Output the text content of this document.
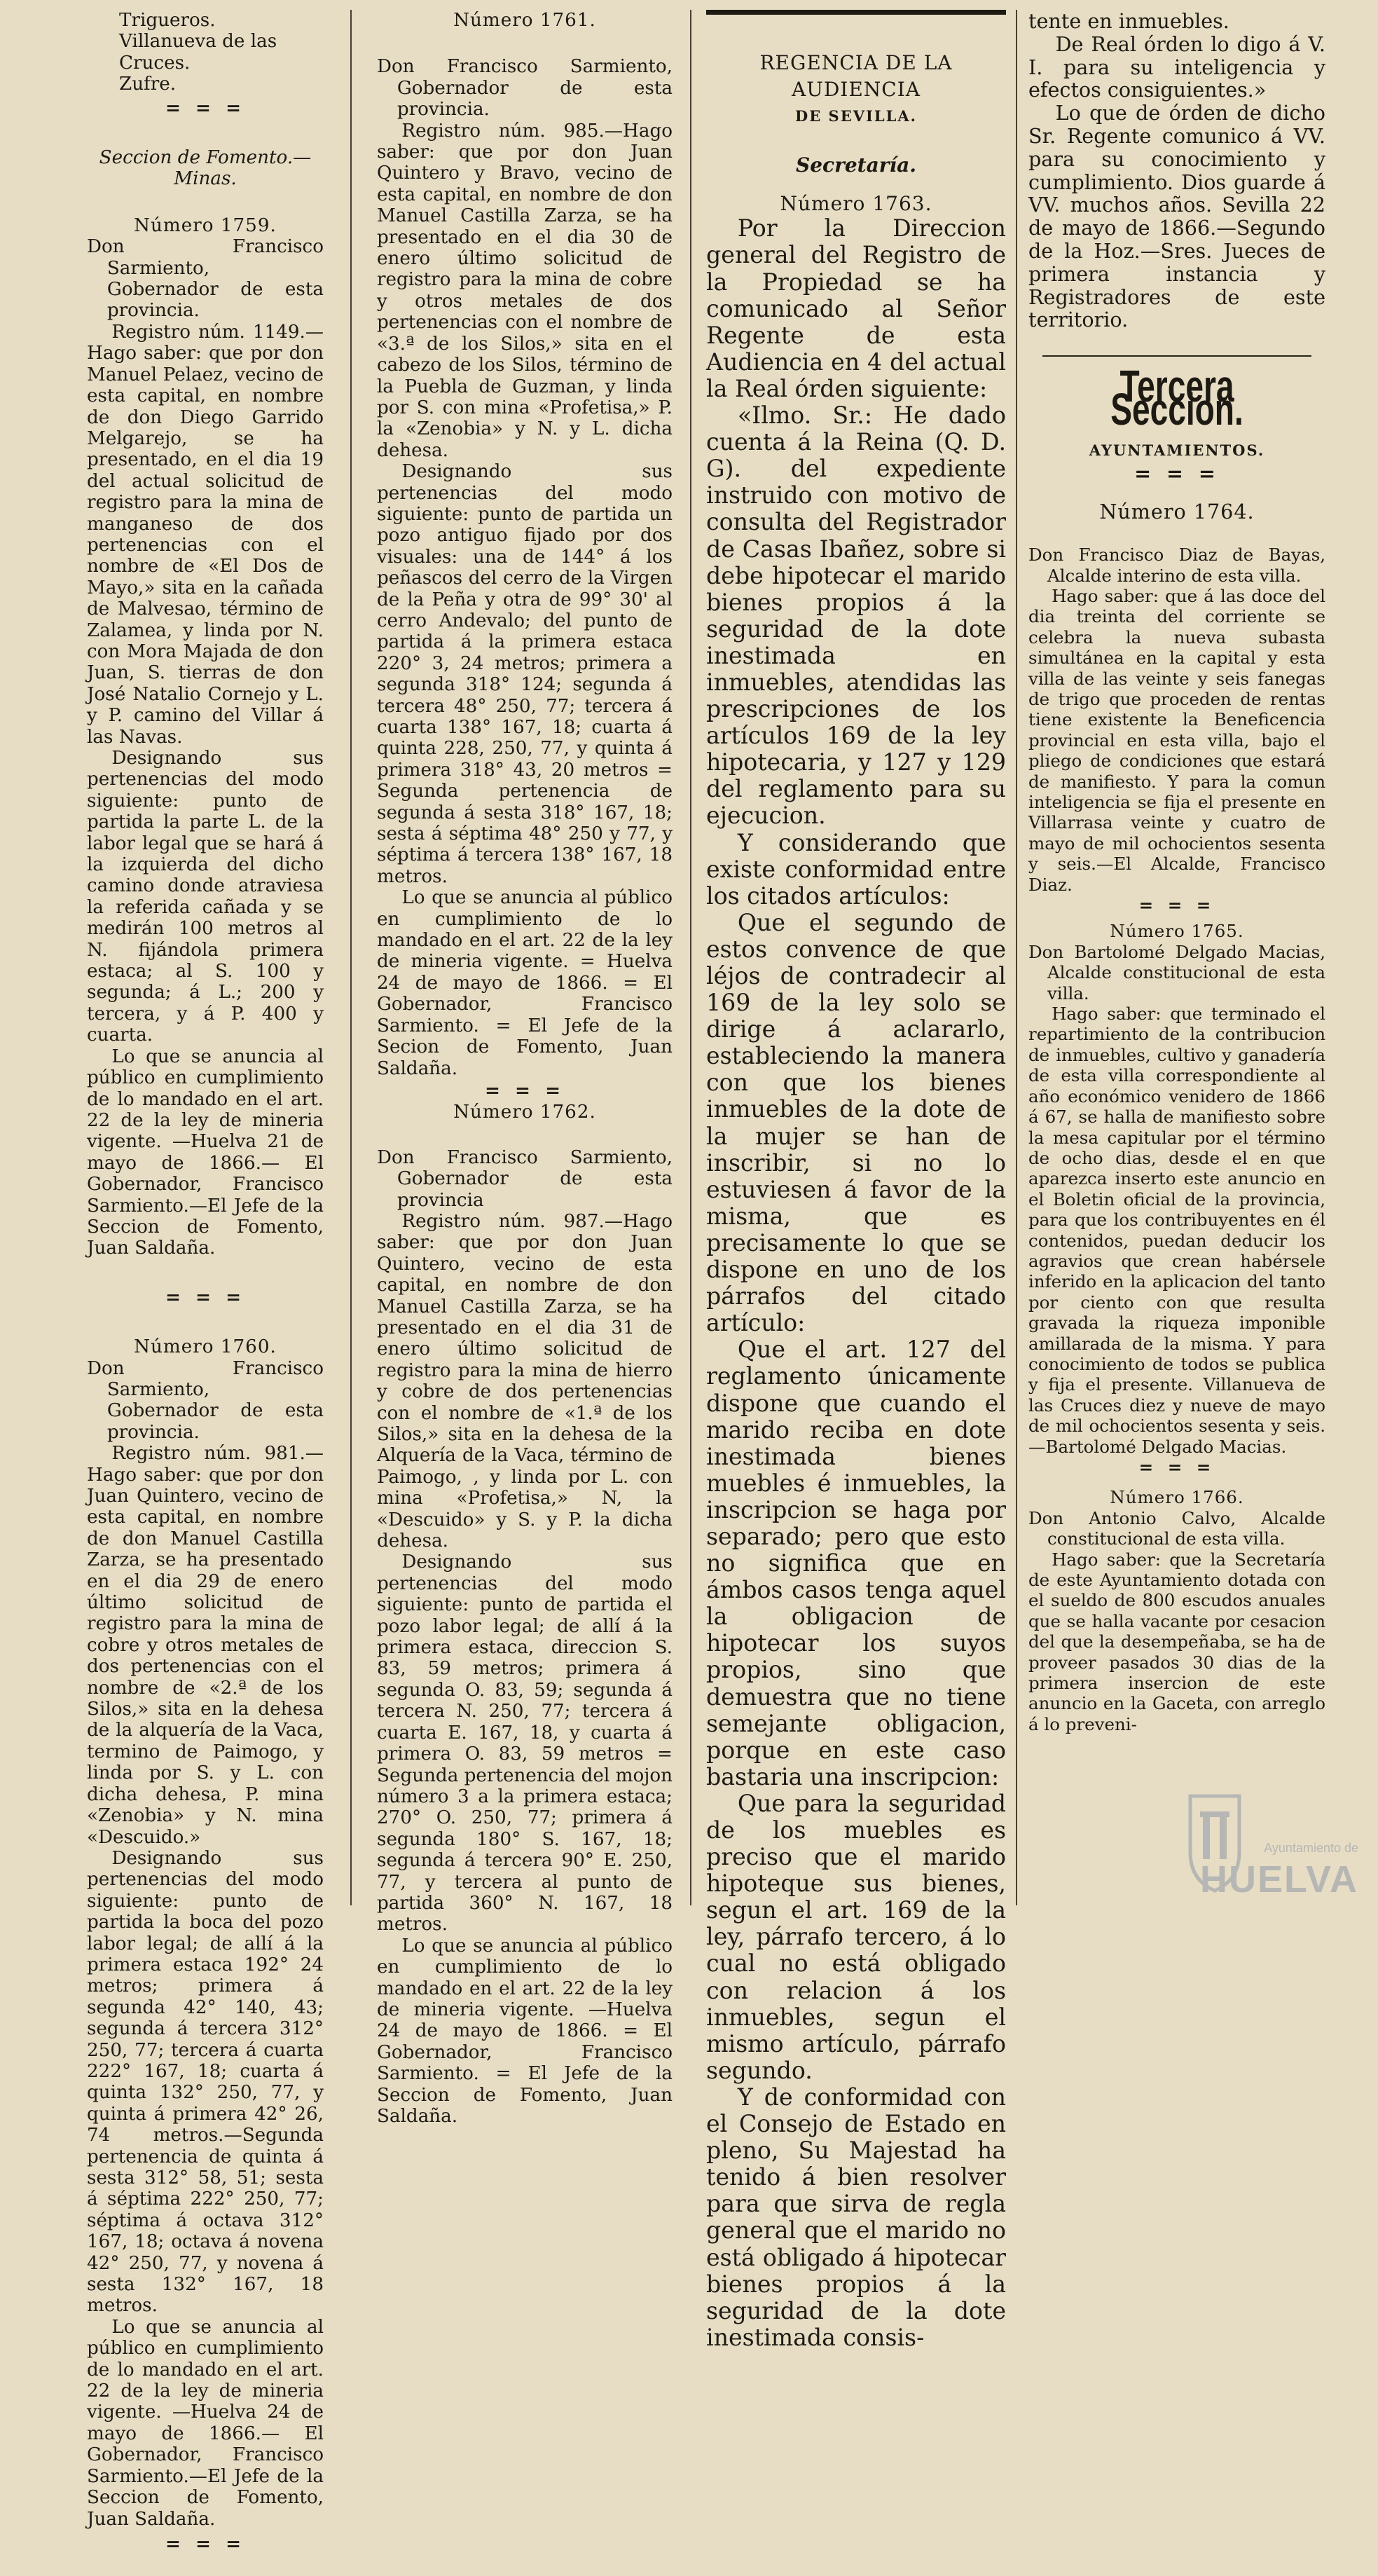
Trigueros.

Villanueva de las Cruces.

Zufre.

= = =

Seccion de Fomento.—Minas.

Número 1759.

Don Francisco Sarmiento, Gobernador de esta provincia.

Registro núm. 1149.—Hago saber: que por don Manuel Pelaez, vecino de esta capital, en nombre de don Diego Garrido Melgarejo, se ha presentado, en el dia 19 del actual solicitud de registro para la mina de manganeso de dos pertenencias con el nombre de «El Dos de Mayo,» sita en la cañada de Malvesao, término de Zalamea, y linda por N. con Mora Majada de don Juan, S. tierras de don José Natalio Cornejo y L. y P. camino del Villar á las Navas.

Designando sus pertenencias del modo siguiente: punto de partida la parte L. de la labor legal que se hará á la izquierda del dicho camino donde atraviesa la referida cañada y se medirán 100 metros al N. fijándola primera estaca; al S. 100 y segunda; á L.; 200 y tercera, y á P. 400 y cuarta.

Lo que se anuncia al público en cumplimiento de lo mandado en el art. 22 de la ley de mineria vigente. —Huelva 21 de mayo de 1866.— El Gobernador, Francisco Sarmiento.—El Jefe de la Seccion de Fomento, Juan Saldaña.

= = =

Número 1760.

Don Francisco Sarmiento, Gobernador de esta provincia.

Registro núm. 981.—Hago saber: que por don Juan Quintero, vecino de esta capital, en nombre de don Manuel Castilla Zarza, se ha presentado en el dia 29 de enero último solicitud de registro para la mina de cobre y otros metales de dos pertenencias con el nombre de «2.ª de los Silos,» sita en la dehesa de la alquería de la Vaca, termino de Paimogo, y linda por S. y L. con dicha dehesa, P. mina «Zenobia» y N. mina «Descuido.»

Designando sus pertenencias del modo siguiente: punto de partida la boca del pozo labor legal; de allí á la primera estaca 192° 24 metros; primera á segunda 42° 140, 43; segunda á tercera 312° 250, 77; tercera á cuarta 222° 167, 18; cuarta á quinta 132° 250, 77, y quinta á primera 42° 26, 74 metros.—Segunda pertenencia de quinta á sesta 312° 58, 51; sesta á séptima 222° 250, 77; séptima á octava 312° 167, 18; octava á novena 42° 250, 77, y novena á sesta 132° 167, 18 metros.

Lo que se anuncia al público en cumplimiento de lo mandado en el art. 22 de la ley de mineria vigente. —Huelva 24 de mayo de 1866.— El Gobernador, Francisco Sarmiento.—El Jefe de la Seccion de Fomento, Juan Saldaña.

= = =

Número 1761.

Don Francisco Sarmiento, Gobernador de esta provincia.

Registro núm. 985.—Hago saber: que por don Juan Quintero y Bravo, vecino de esta capital, en nombre de don Manuel Castilla Zarza, se ha presentado en el dia 30 de enero último solicitud de registro para la mina de cobre y otros metales de dos pertenencias con el nombre de «3.ª de los Silos,» sita en el cabezo de los Silos, término de la Puebla de Guzman, y linda por S. con mina «Profetisa,» P. la «Zenobia» y N. y L. dicha dehesa.

Designando sus pertenencias del modo siguiente: punto de partida un pozo antiguo fijado por dos visuales: una de 144° á los peñascos del cerro de la Virgen de la Peña y otra de 99° 30' al cerro Andevalo; del punto de partida á la primera estaca 220° 3, 24 metros; primera a segunda 318° 124; segunda á tercera 48° 250, 77; tercera á cuarta 138° 167, 18; cuarta á quinta 228, 250, 77, y quinta á primera 318° 43, 20 metros = Segunda pertenencia de segunda á sesta 318° 167, 18; sesta á séptima 48° 250 y 77, y séptima á tercera 138° 167, 18 metros.

Lo que se anuncia al público en cumplimiento de lo mandado en el art. 22 de la ley de mineria vigente. = Huelva 24 de mayo de 1866. = El Gobernador, Francisco Sarmiento. = El Jefe de la Secion de Fomento, Juan Saldaña.

= = =

Número 1762.

Don Francisco Sarmiento, Gobernador de esta provincia

Registro núm. 987.—Hago saber: que por don Juan Quintero, vecino de esta capital, en nombre de don Manuel Castilla Zarza, se ha presentado en el dia 31 de enero último solicitud de registro para la mina de hierro y cobre de dos pertenencias con el nombre de «1.ª de los Silos,» sita en la dehesa de la Alquería de la Vaca, término de Paimogo, , y linda por L. con mina «Profetisa,» N, la «Descuido» y S. y P. la dicha dehesa.

Designando sus pertenencias del modo siguiente: punto de partida el pozo labor legal; de allí á la primera estaca, direccion S. 83, 59 metros; primera á segunda O. 83, 59; segunda á tercera N. 250, 77; tercera á cuarta E. 167, 18, y cuarta á primera O. 83, 59 metros = Segunda pertenencia del mojon número 3 a la primera estaca; 270° O. 250, 77; primera á segunda 180° S. 167, 18; segunda á tercera 90° E. 250, 77, y tercera al punto de partida 360° N. 167, 18 metros.

Lo que se anuncia al público en cumplimiento de lo mandado en el art. 22 de la ley de mineria vigente. —Huelva 24 de mayo de 1866. = El Gobernador, Francisco Sarmiento. = El Jefe de la Seccion de Fomento, Juan Saldaña.

REGENCIA DE LA AUDIENCIA

DE SEVILLA.

Secretaría.

Número 1763.

Por la Direccion general del Registro de la Propiedad se ha comunicado al Señor Regente de esta Audiencia en 4 del actual la Real órden siguiente:

«Ilmo. Sr.: He dado cuenta á la Reina (Q. D. G). del expediente instruido con motivo de consulta del Registrador de Casas Ibañez, sobre si debe hipotecar el marido bienes propios á la seguridad de la dote inestimada en inmuebles, atendidas las prescripciones de los artículos 169 de la ley hipotecaria, y 127 y 129 del reglamento para su ejecucion.

Y considerando que existe conformidad entre los citados artículos:

Que el segundo de estos convence de que léjos de contradecir al 169 de la ley solo se dirige á aclararlo, estableciendo la manera con que los bienes inmuebles de la dote de la mujer se han de inscribir, si no lo estuviesen á favor de la misma, que es precisamente lo que se dispone en uno de los párrafos del citado artículo:

Que el art. 127 del reglamento únicamente dispone que cuando el marido reciba en dote inestimada bienes muebles é inmuebles, la inscripcion se haga por separado; pero que esto no significa que en ámbos casos tenga aquel la obligacion de hipotecar los suyos propios, sino que demuestra que no tiene semejante obligacion, porque en este caso bastaria una inscripcion:

Que para la seguridad de los muebles es preciso que el marido hipoteque sus bienes, segun el art. 169 de la ley, párrafo tercero, á lo cual no está obligado con relacion á los inmuebles, segun el mismo artículo, párrafo segundo.

Y de conformidad con el Consejo de Estado en pleno, Su Majestad ha tenido á bien resolver para que sirva de regla general que el marido no está obligado á hipotecar bienes propios á la seguridad de la dote inestimada consis-

tente en inmuebles.

De Real órden lo digo á V. I. para su inteligencia y efectos consiguientes.»

Lo que de órden de dicho Sr. Regente comunico á VV. para su conocimiento y cumplimiento. Dios guarde á VV. muchos años. Sevilla 22 de mayo de 1866.—Segundo de la Hoz.—Sres. Jueces de primera instancia y Registradores de este territorio.

Tercera Seccion.

AYUNTAMIENTOS.

= = =

Número 1764.

Don Francisco Diaz de Bayas, Alcalde interino de esta villa.

Hago saber: que á las doce del dia treinta del corriente se celebra la nueva subasta simultánea en la capital y esta villa de las veinte y seis fanegas de trigo que proceden de rentas tiene existente la Beneficencia provincial en esta villa, bajo el pliego de condiciones que estará de manifiesto. Y para la comun inteligencia se fija el presente en Villarrasa veinte y cuatro de mayo de mil ochocientos sesenta y seis.—El Alcalde, Francisco Diaz.

= = =

Número 1765.

Don Bartolomé Delgado Macias, Alcalde constitucional de esta villa.

Hago saber: que terminado el repartimiento de la contribucion de inmuebles, cultivo y ganadería de esta villa correspondiente al año económico venidero de 1866 á 67, se halla de manifiesto sobre la mesa capitular por el término de ocho dias, desde el en que aparezca inserto este anuncio en el Boletin oficial de la provincia, para que los contribuyentes en él contenidos, puedan deducir los agravios que crean habérsele inferido en la aplicacion del tanto por ciento con que resulta gravada la riqueza imponible amillarada de la misma. Y para conocimiento de todos se publica y fija el presente. Villanueva de las Cruces diez y nueve de mayo de mil ochocientos sesenta y seis.—Bartolomé Delgado Macias.

= = =

Número 1766.

Don Antonio Calvo, Alcalde constitucional de esta villa.

Hago saber: que la Secretaría de este Ayuntamiento dotada con el sueldo de 800 escudos anuales que se halla vacante por cesacion del que la desempeñaba, se ha de proveer pasados 30 dias de la primera insercion de este anuncio en la Gaceta, con arreglo á lo preveni-

Ayuntamiento de
HUELVA
